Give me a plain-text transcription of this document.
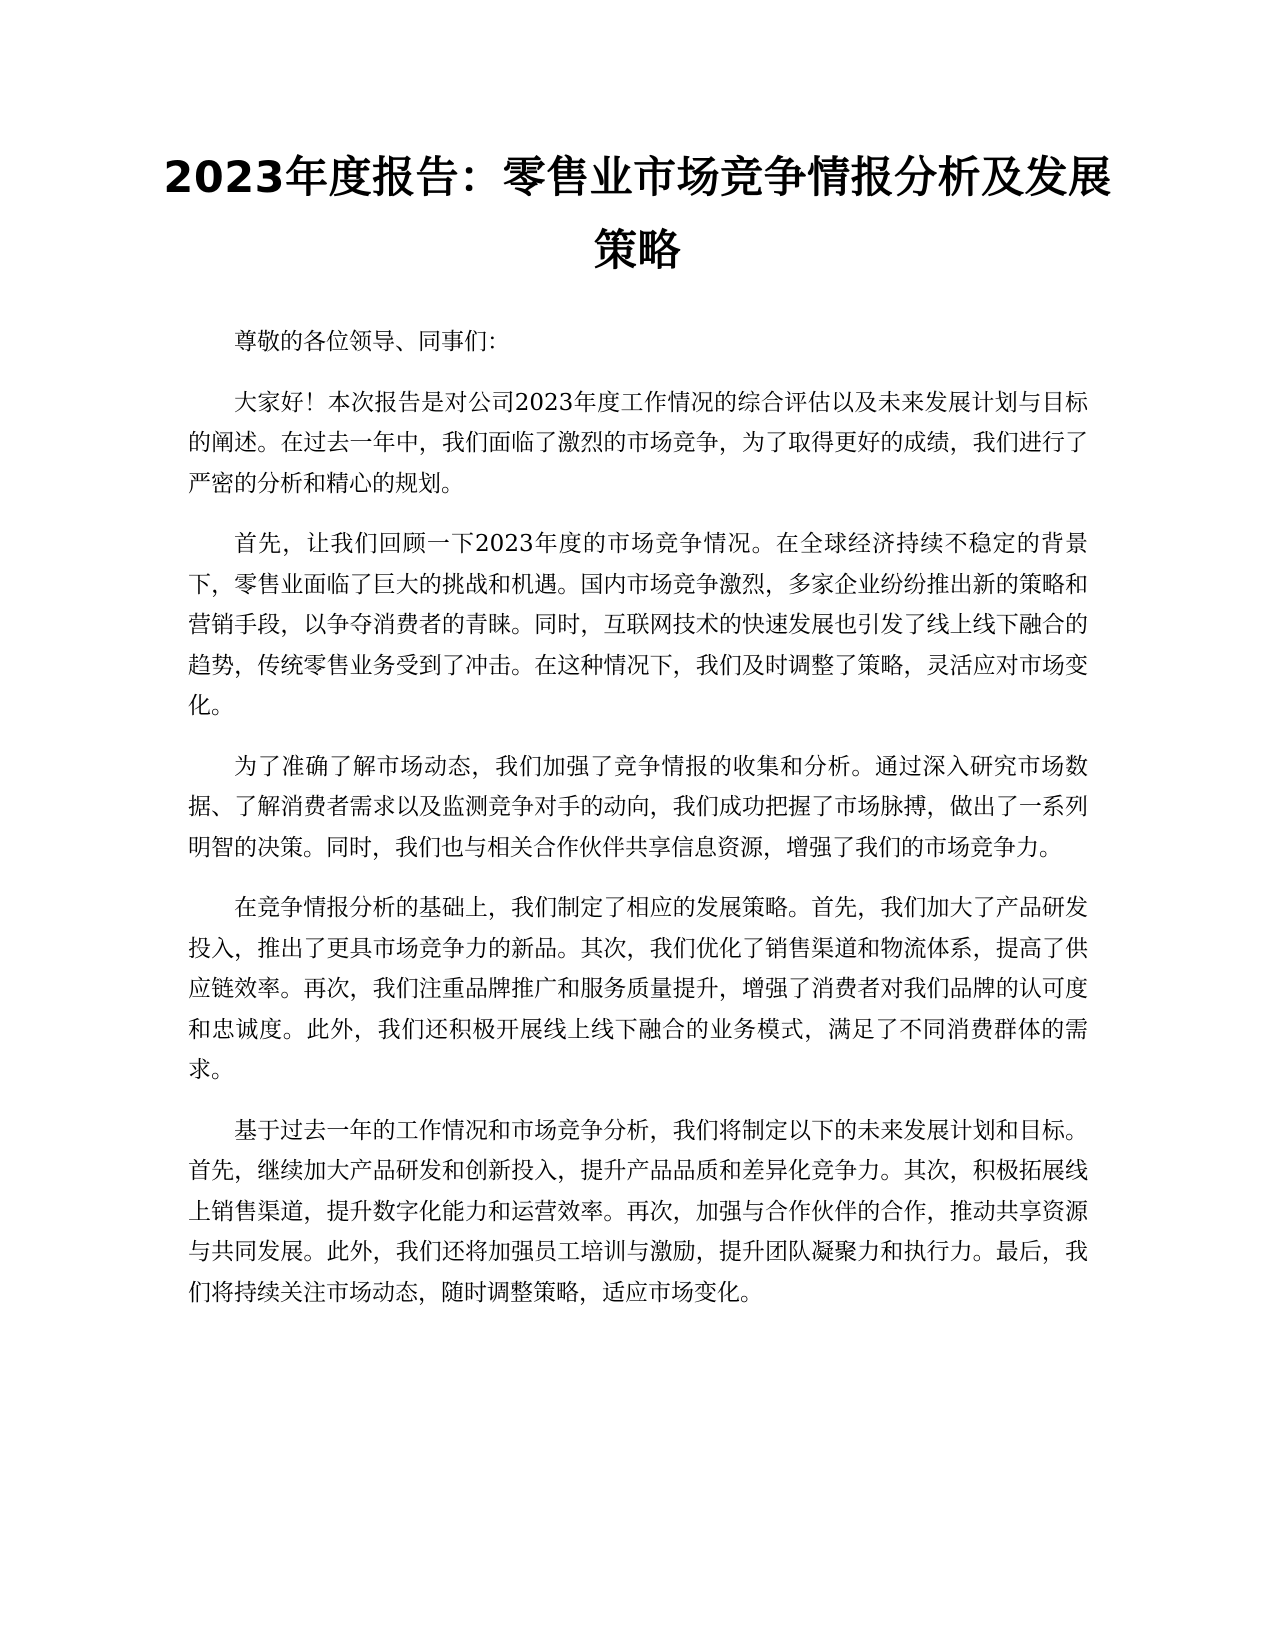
2023年度报告：零售业市场竞争情报分析及发展策略

尊敬的各位领导、同事们：

大家好！本次报告是对公司2023年度工作情况的综合评估以及未来发展计划与目标的阐述。在过去一年中，我们面临了激烈的市场竞争，为了取得更好的成绩，我们进行了严密的分析和精心的规划。

首先，让我们回顾一下2023年度的市场竞争情况。在全球经济持续不稳定的背景下，零售业面临了巨大的挑战和机遇。国内市场竞争激烈，多家企业纷纷推出新的策略和营销手段，以争夺消费者的青睐。同时，互联网技术的快速发展也引发了线上线下融合的趋势，传统零售业务受到了冲击。在这种情况下，我们及时调整了策略，灵活应对市场变化。

为了准确了解市场动态，我们加强了竞争情报的收集和分析。通过深入研究市场数据、了解消费者需求以及监测竞争对手的动向，我们成功把握了市场脉搏，做出了一系列明智的决策。同时，我们也与相关合作伙伴共享信息资源，增强了我们的市场竞争力。

在竞争情报分析的基础上，我们制定了相应的发展策略。首先，我们加大了产品研发投入，推出了更具市场竞争力的新品。其次，我们优化了销售渠道和物流体系，提高了供应链效率。再次，我们注重品牌推广和服务质量提升，增强了消费者对我们品牌的认可度和忠诚度。此外，我们还积极开展线上线下融合的业务模式，满足了不同消费群体的需求。

基于过去一年的工作情况和市场竞争分析，我们将制定以下的未来发展计划和目标。首先，继续加大产品研发和创新投入，提升产品品质和差异化竞争力。其次，积极拓展线上销售渠道，提升数字化能力和运营效率。再次，加强与合作伙伴的合作，推动共享资源与共同发展。此外，我们还将加强员工培训与激励，提升团队凝聚力和执行力。最后，我们将持续关注市场动态，随时调整策略，适应市场变化。
